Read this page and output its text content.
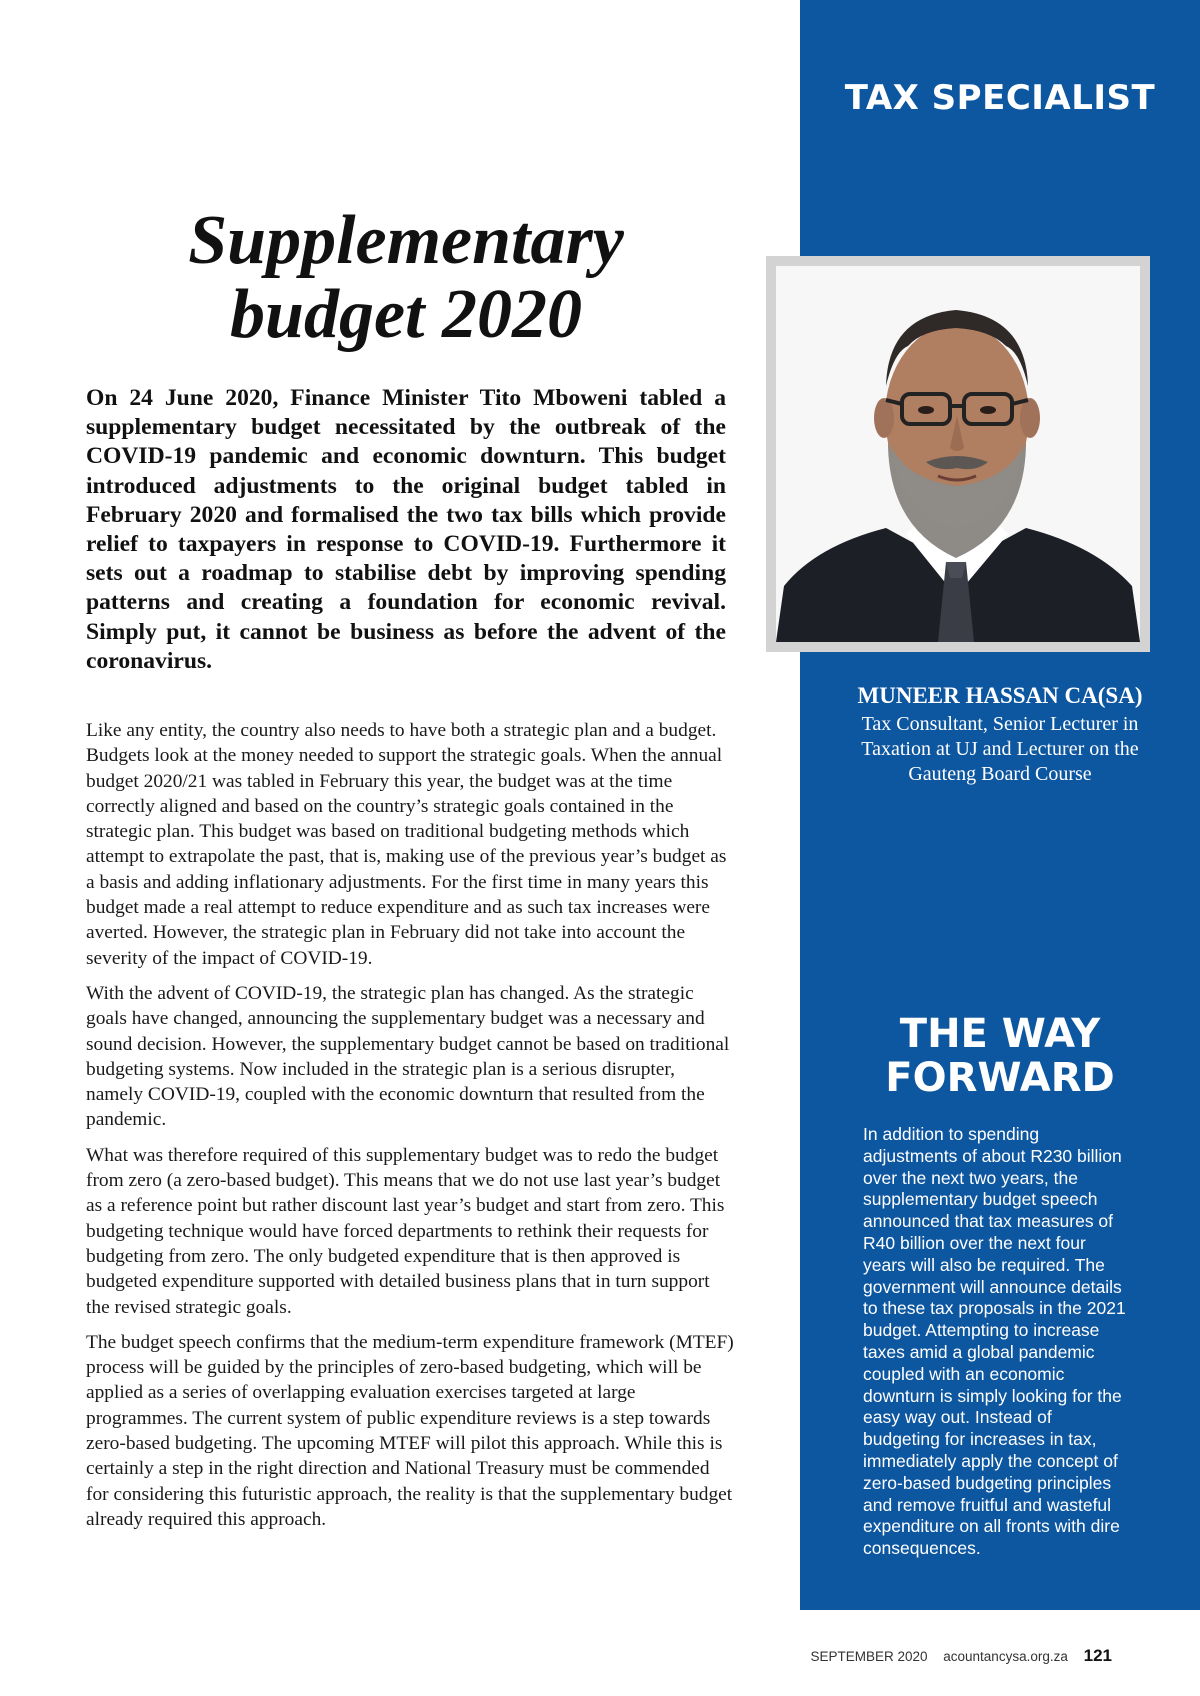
TAX SPECIALIST
MUNEER HASSAN CA(SA)
Tax Consultant, Senior Lecturer in Taxation at UJ and Lecturer on the Gauteng Board Course
THE WAY FORWARD
In addition to spending adjustments of about R230 billion over the next two years, the supplementary budget speech announced that tax measures of R40 billion over the next four years will also be required. The government will announce details to these tax proposals in the 2021 budget. Attempting to increase taxes amid a global pandemic coupled with an economic downturn is simply looking for the easy way out. Instead of budgeting for increases in tax, immediately apply the concept of zero-based budgeting principles and remove fruitful and wasteful expenditure on all fronts with dire consequences.
Supplementary budget 2020
On 24 June 2020, Finance Minister Tito Mboweni tabled a supplementary budget necessitated by the outbreak of the COVID-19 pandemic and economic downturn. This budget introduced adjustments to the original budget tabled in February 2020 and formalised the two tax bills which provide relief to taxpayers in response to COVID-19. Furthermore it sets out a roadmap to stabilise debt by improving spending patterns and creating a foundation for economic revival. Simply put, it cannot be business as before the advent of the coronavirus.

Like any entity, the country also needs to have both a strategic plan and a budget. Budgets look at the money needed to support the strategic goals. When the annual budget 2020/21 was tabled in February this year, the budget was at the time correctly aligned and based on the country’s strategic goals contained in the strategic plan. This budget was based on traditional budgeting methods which attempt to extrapolate the past, that is, making use of the previous year’s budget as a basis and adding inflationary adjustments. For the first time in many years this budget made a real attempt to reduce expenditure and as such tax increases were averted. However, the strategic plan in February did not take into account the severity of the impact of COVID-19.

With the advent of COVID-19, the strategic plan has changed. As the strategic goals have changed, announcing the supplementary budget was a necessary and sound decision. However, the supplementary budget cannot be based on traditional budgeting systems. Now included in the strategic plan is a serious disrupter, namely COVID-19, coupled with the economic downturn that resulted from the pandemic.

What was therefore required of this supplementary budget was to redo the budget from zero (a zero-based budget). This means that we do not use last year’s budget as a reference point but rather discount last year’s budget and start from zero. This budgeting technique would have forced departments to rethink their requests for budgeting from zero. The only budgeted expenditure that is then approved is budgeted expenditure supported with detailed business plans that in turn support the revised strategic goals.

The budget speech confirms that the medium-term expenditure framework (MTEF) process will be guided by the principles of zero-based budgeting, which will be applied as a series of overlapping evaluation exercises targeted at large programmes. The current system of public expenditure reviews is a step towards zero-based budgeting. The upcoming MTEF will pilot this approach. While this is certainly a step in the right direction and National Treasury must be commended for considering this futuristic approach, the reality is that the supplementary budget already required this approach.

SEPTEMBER 2020 acountancysa.org.za 121
